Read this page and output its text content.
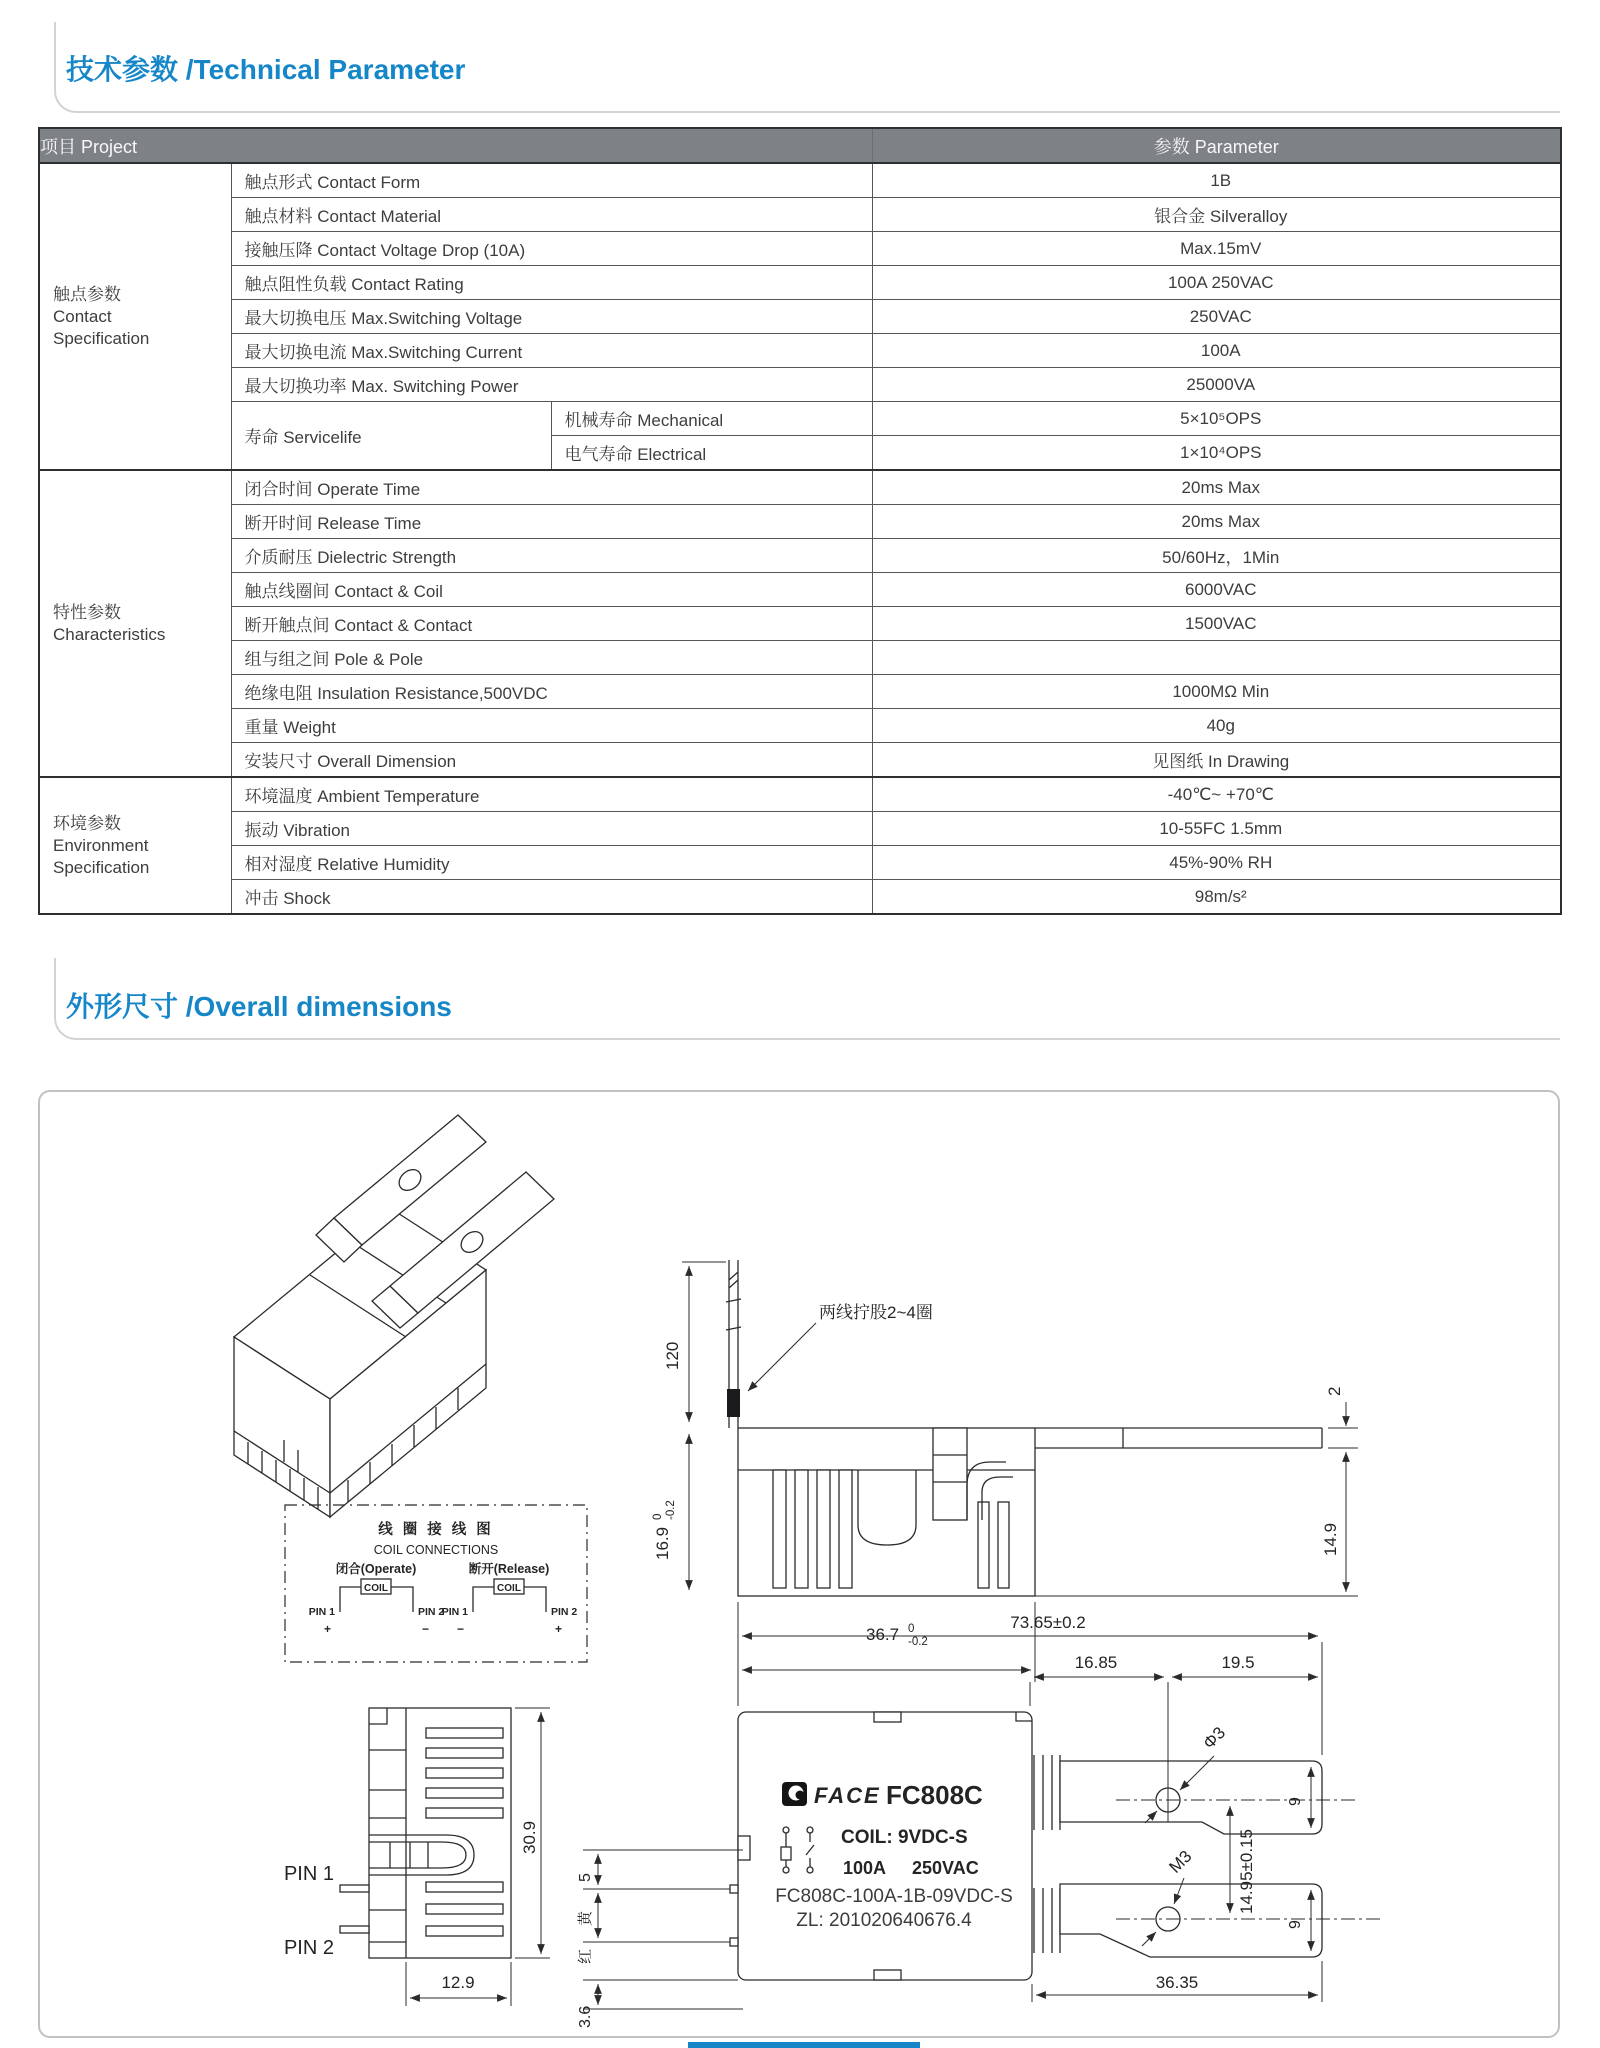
技术参数 /Technical Parameter
项目 Project			参数 Parameter

触点参数
Contact
Specification	触点形式 Contact Form		1B
	触点材料 Contact Material		银合金 Silveralloy
	接触压降 Contact Voltage Drop (10A)		Max.15mV
	触点阻性负载 Contact Rating		100A 250VAC
	最大切换电压 Max.Switching Voltage		250VAC
	最大切换电流 Max.Switching Current		100A
	最大切换功率 Max. Switching Power		25000VA
	寿命 Servicelife	机械寿命 Mechanical	5×10⁵OPS
		电气寿命 Electrical	1×10⁴OPS

特性参数
Characteristics	闭合时间 Operate Time		20ms Max
	断开时间 Release Time		20ms Max
	介质耐压 Dielectric Strength		50/60Hz，1Min
	触点线圈间 Contact & Coil		6000VAC
	断开触点间 Contact & Contact		1500VAC
	组与组之间 Pole & Pole		
	绝缘电阻 Insulation Resistance,500VDC		1000MΩ Min
	重量 Weight		40g
	安装尺寸 Overall Dimension		见图纸 In Drawing

环境参数
Environment
Specification	环境温度 Ambient Temperature		-40℃~ +70℃
	振动 Vibration		10-55FC 1.5mm
	相对湿度 Relative Humidity		45%-90% RH
	冲击 Shock		98m/s²
外形尺寸 /Overall dimensions
120
16.9
0 -0.2
两线拧股2~4圈
36.7 0
-0.2
2
14.9
线 圈 接 线 图
COIL CONNECTIONS
闭合(Operate)
COIL
PIN 1
+
PIN 2
−
断开(Release)
COIL
PIN 1
−
PIN 2
+
PIN 1
PIN 2
30.9
12.9
73.65±0.2
FACE FC808C
COIL: 9VDC-S
100A 250VAC
FC808C-100A-1B-09VDC-S
ZL: 201020640676.4
5
黄
红
3.6
16.85	19.5
Φ3
M3 14.95±0.15
9
9
36.35
